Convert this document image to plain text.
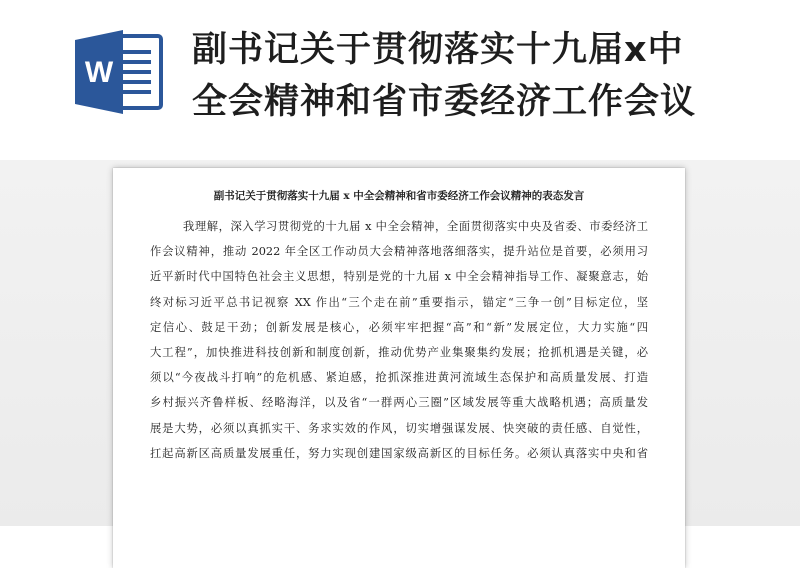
W
副书记关于贯彻落实十九届x中
全会精神和省市委经济工作会议
副书记关于贯彻落实十九届 x 中全会精神和省市委经济工作会议精神的表态发言
我理解，深入学习贯彻党的十九届 x 中全会精神，全面贯彻落实中央及省委、市委经济工
作会议精神，推动 2022 年全区工作动员大会精神落地落细落实，提升站位是首要，必须用习
近平新时代中国特色社会主义思想，特别是党的十九届 x 中全会精神指导工作、凝聚意志，始
终对标习近平总书记视察 XX 作出“三个走在前”重要指示，锚定“三争一创”目标定位，坚
定信心、鼓足干劲；创新发展是核心，必须牢牢把握“高”和“新”发展定位，大力实施“四
大工程”，加快推进科技创新和制度创新，推动优势产业集聚集约发展；抢抓机遇是关键，必
须以“今夜战斗打响”的危机感、紧迫感，抢抓深推进黄河流域生态保护和高质量发展、打造
乡村振兴齐鲁样板、经略海洋，以及省“一群两心三圈”区域发展等重大战略机遇；高质量发
展是大势，必须以真抓实干、务求实效的作风，切实增强谋发展、快突破的责任感、自觉性，
扛起高新区高质量发展重任，努力实现创建国家级高新区的目标任务。必须认真落实中央和省
